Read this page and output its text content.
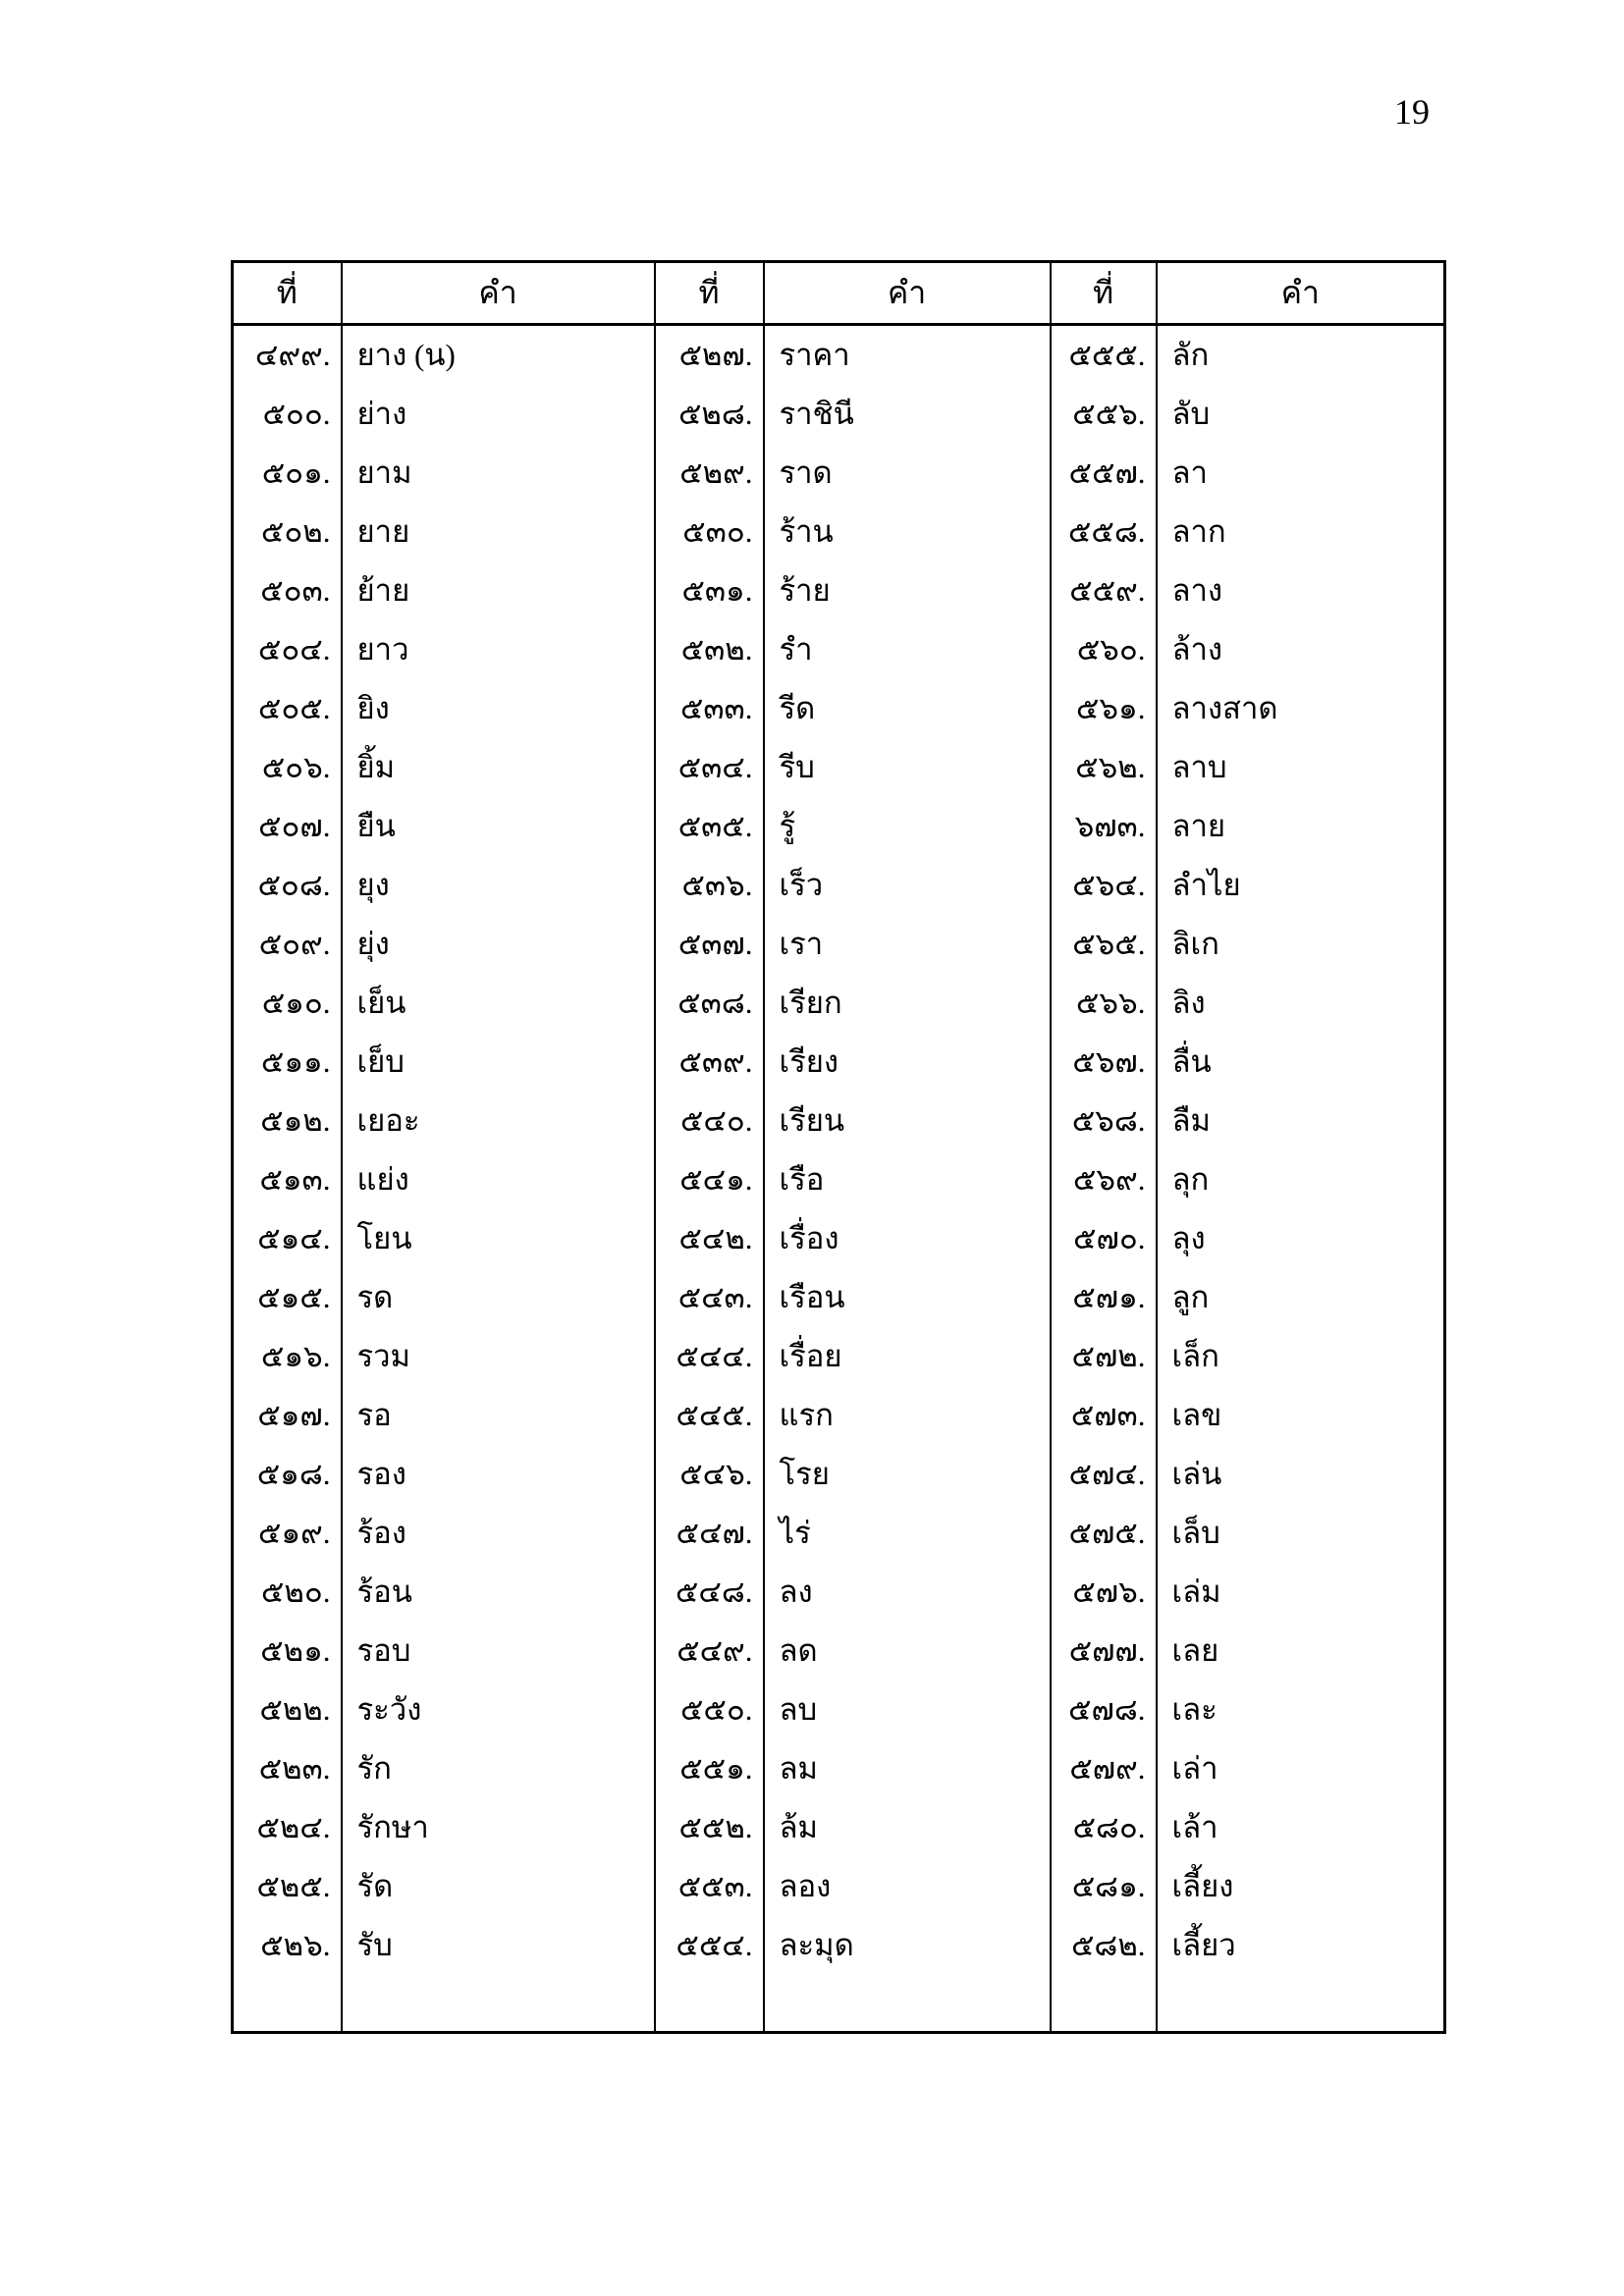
19
ที่	คำ	ที่	คำ	ที่	คำ
๔๙๙.	ยาง (น)	๕๒๗.	ราคา	๕๕๕.	ลัก
๕๐๐.	ย่าง	๕๒๘.	ราชินี	๕๕๖.	ลับ
๕๐๑.	ยาม	๕๒๙.	ราด	๕๕๗.	ลา
๕๐๒.	ยาย	๕๓๐.	ร้าน	๕๕๘.	ลาก
๕๐๓.	ย้าย	๕๓๑.	ร้าย	๕๕๙.	ลาง
๕๐๔.	ยาว	๕๓๒.	รำ	๕๖๐.	ล้าง
๕๐๕.	ยิง	๕๓๓.	รีด	๕๖๑.	ลางสาด
๕๐๖.	ยิ้ม	๕๓๔.	รีบ	๕๖๒.	ลาบ
๕๐๗.	ยืน	๕๓๕.	รู้	๖๗๓.	ลาย
๕๐๘.	ยุง	๕๓๖.	เร็ว	๕๖๔.	ลำไย
๕๐๙.	ยุ่ง	๕๓๗.	เรา	๕๖๕.	ลิเก
๕๑๐.	เย็น	๕๓๘.	เรียก	๕๖๖.	ลิง
๕๑๑.	เย็บ	๕๓๙.	เรียง	๕๖๗.	ลื่น
๕๑๒.	เยอะ	๕๔๐.	เรียน	๕๖๘.	ลืม
๕๑๓.	แย่ง	๕๔๑.	เรือ	๕๖๙.	ลุก
๕๑๔.	โยน	๕๔๒.	เรื่อง	๕๗๐.	ลุง
๕๑๕.	รด	๕๔๓.	เรือน	๕๗๑.	ลูก
๕๑๖.	รวม	๕๔๔.	เรื่อย	๕๗๒.	เล็ก
๕๑๗.	รอ	๕๔๕.	แรก	๕๗๓.	เลข
๕๑๘.	รอง	๕๔๖.	โรย	๕๗๔.	เล่น
๕๑๙.	ร้อง	๕๔๗.	ไร่	๕๗๕.	เล็บ
๕๒๐.	ร้อน	๕๔๘.	ลง	๕๗๖.	เล่ม
๕๒๑.	รอบ	๕๔๙.	ลด	๕๗๗.	เลย
๕๒๒.	ระวัง	๕๕๐.	ลบ	๕๗๘.	เละ
๕๒๓.	รัก	๕๕๑.	ลม	๕๗๙.	เล่า
๕๒๔.	รักษา	๕๕๒.	ล้ม	๕๘๐.	เล้า
๕๒๕.	รัด	๕๕๓.	ลอง	๕๘๑.	เลี้ยง
๕๒๖.	รับ	๕๕๔.	ละมุด	๕๘๒.	เลี้ยว
